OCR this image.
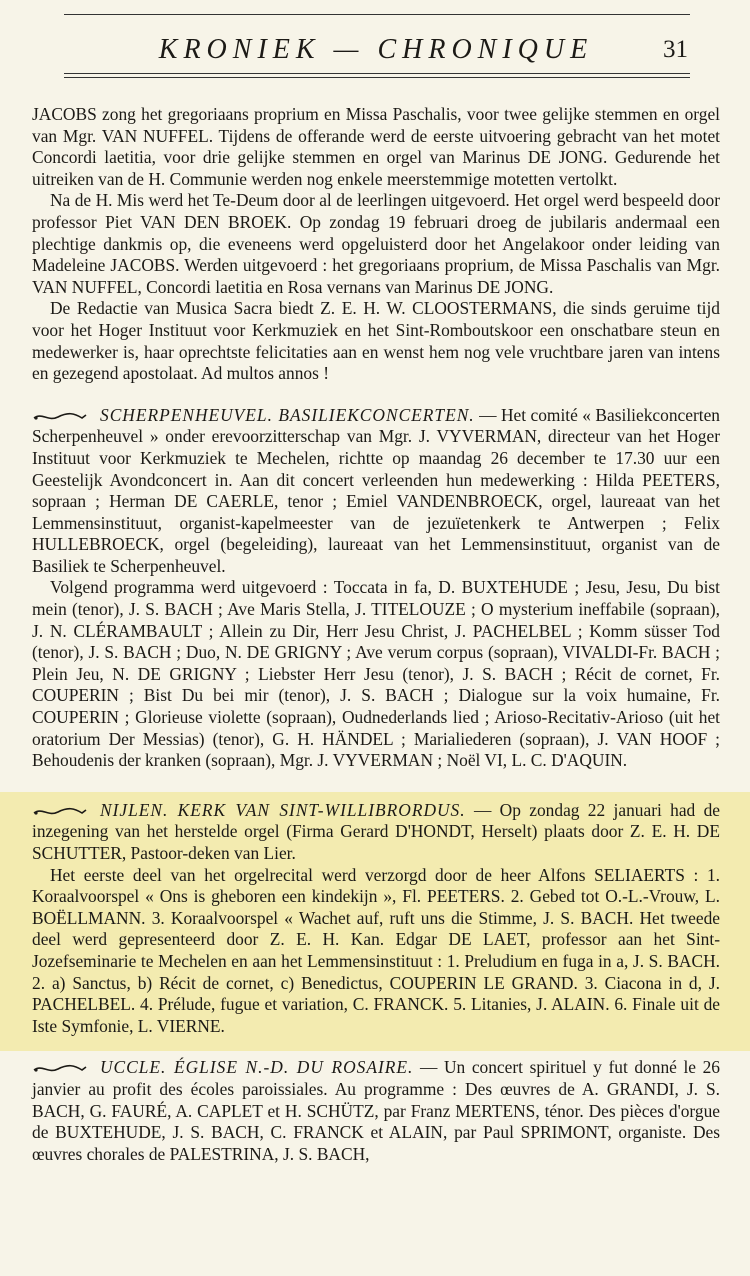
KRONIEK — CHRONIQUE	31

JACOBS zong het gregoriaans proprium en Missa Paschalis, voor twee gelijke stemmen en orgel van Mgr. VAN NUFFEL. Tijdens de offerande werd de eerste uitvoering gebracht van het motet Concordi laetitia, voor drie gelijke stemmen en orgel van Marinus DE JONG. Gedurende het uitreiken van de H. Communie werden nog enkele meerstemmige motetten vertolkt.

Na de H. Mis werd het Te-Deum door al de leerlingen uitgevoerd. Het orgel werd bespeeld door professor Piet VAN DEN BROEK. Op zondag 19 februari droeg de jubilaris andermaal een plechtige dankmis op, die eveneens werd opgeluisterd door het Angelakoor onder leiding van Madeleine JACOBS. Werden uitgevoerd : het gregoriaans proprium, de Missa Paschalis van Mgr. VAN NUFFEL, Concordi laetitia en Rosa vernans van Marinus DE JONG.

De Redactie van Musica Sacra biedt Z. E. H. W. CLOOSTERMANS, die sinds geruime tijd voor het Hoger Instituut voor Kerkmuziek en het Sint-Romboutskoor een onschatbare steun en medewerker is, haar oprechtste felicitaties aan en wenst hem nog vele vruchtbare jaren van intens en gezegend apostolaat. Ad multos annos !

SCHERPENHEUVEL. BASILIEKCONCERTEN. — Het comité « Basiliekconcerten Scherpenheuvel » onder erevoorzitterschap van Mgr. J. VYVERMAN, directeur van het Hoger Instituut voor Kerkmuziek te Mechelen, richtte op maandag 26 december te 17.30 uur een Geestelijk Avondconcert in. Aan dit concert verleenden hun medewerking : Hilda PEETERS, sopraan ; Herman DE CAERLE, tenor ; Emiel VANDENBROECK, orgel, laureaat van het Lemmensinstituut, organist-kapelmeester van de jezuïetenkerk te Antwerpen ; Felix HULLEBROECK, orgel (begeleiding), laureaat van het Lemmensinstituut, organist van de Basiliek te Scherpenheuvel.

Volgend programma werd uitgevoerd : Toccata in fa, D. BUXTEHUDE ; Jesu, Jesu, Du bist mein (tenor), J. S. BACH ; Ave Maris Stella, J. TITELOUZE ; O mysterium ineffabile (sopraan), J. N. CLÉRAMBAULT ; Allein zu Dir, Herr Jesu Christ, J. PACHELBEL ; Komm süsser Tod (tenor), J. S. BACH ; Duo, N. DE GRIGNY ; Ave verum corpus (sopraan), VIVALDI-Fr. BACH ; Plein Jeu, N. DE GRIGNY ; Liebster Herr Jesu (tenor), J. S. BACH ; Récit de cornet, Fr. COUPERIN ; Bist Du bei mir (tenor), J. S. BACH ; Dialogue sur la voix humaine, Fr. COUPERIN ; Glorieuse violette (sopraan), Oudnederlands lied ; Arioso-Recitativ-Arioso (uit het oratorium Der Messias) (tenor), G. H. HÄNDEL ; Marialiederen (sopraan), J. VAN HOOF ; Behoudenis der kranken (sopraan), Mgr. J. VYVERMAN ; Noël VI, L. C. D'AQUIN.

NIJLEN. KERK VAN SINT-WILLIBRORDUS. — Op zondag 22 januari had de inzegening van het herstelde orgel (Firma Gerard D'HONDT, Herselt) plaats door Z. E. H. DE SCHUTTER, Pastoor-deken van Lier.

Het eerste deel van het orgelrecital werd verzorgd door de heer Alfons SELIAERTS : 1. Koraalvoorspel « Ons is gheboren een kindekijn », Fl. PEETERS. 2. Gebed tot O.-L.-Vrouw, L. BOËLLMANN. 3. Koraalvoorspel « Wachet auf, ruft uns die Stimme, J. S. BACH. Het tweede deel werd gepresenteerd door Z. E. H. Kan. Edgar DE LAET, professor aan het Sint-Jozefseminarie te Mechelen en aan het Lemmensinstituut : 1. Preludium en fuga in a, J. S. BACH. 2. a) Sanctus, b) Récit de cornet, c) Benedictus, COUPERIN LE GRAND. 3. Ciacona in d, J. PACHELBEL. 4. Prélude, fugue et variation, C. FRANCK. 5. Litanies, J. ALAIN. 6. Finale uit de Iste Symfonie, L. VIERNE.

UCCLE. ÉGLISE N.-D. DU ROSAIRE. — Un concert spirituel y fut donné le 26 janvier au profit des écoles paroissiales. Au programme : Des œuvres de A. GRANDI, J. S. BACH, G. FAURÉ, A. CAPLET et H. SCHÜTZ, par Franz MERTENS, ténor. Des pièces d'orgue de BUXTEHUDE, J. S. BACH, C. FRANCK et ALAIN, par Paul SPRIMONT, organiste. Des œuvres chorales de PALESTRINA, J. S. BACH,
